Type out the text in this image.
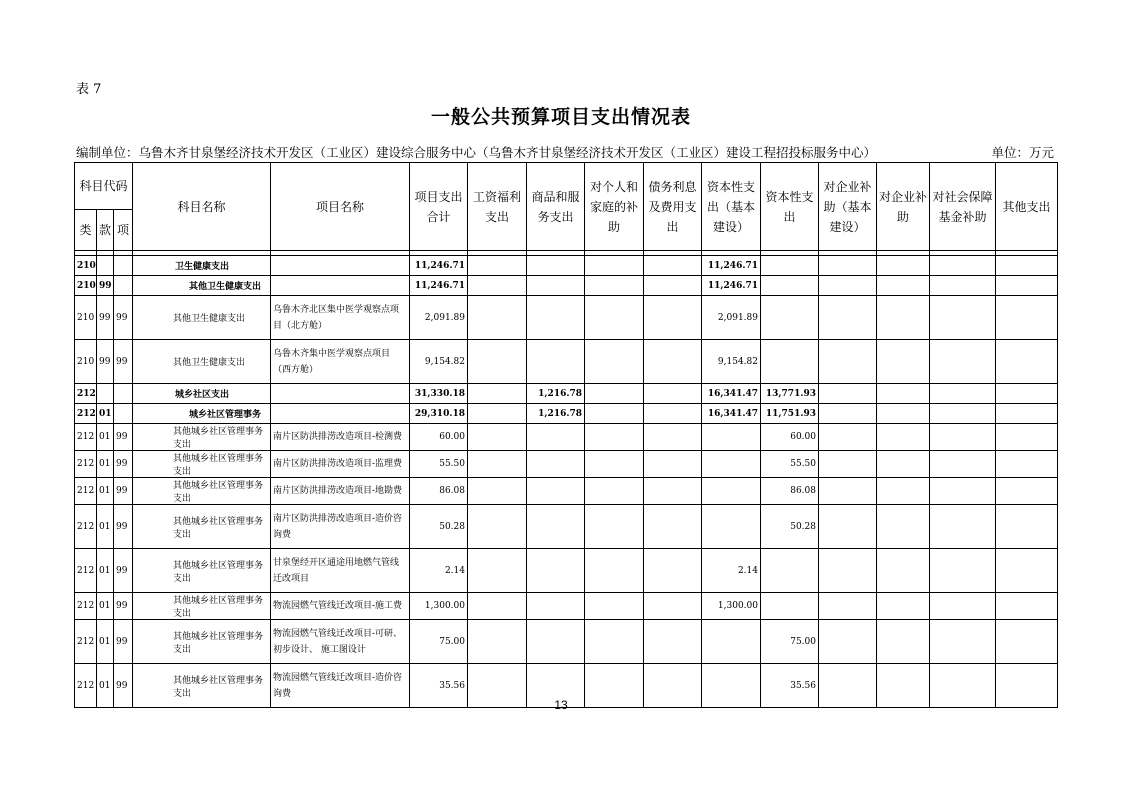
表 7
一般公共预算项目支出情况表
编制单位：乌鲁木齐甘泉堡经济技术开发区（工业区）建设综合服务中心（乌鲁木齐甘泉堡经济技术开发区（工业区）建设工程招投标服务中心）	单位：万元
科目代码			科目名称	项目名称	项目支出合计	工资福利支出	商品和服务支出	对个人和家庭的补助	债务利息及费用支出	资本性支出（基本建设）	资本性支出	对企业补助（基本建设）	对企业补助	对社会保障基金补助	其他支出
类	款	项													

210			卫生健康支出		11,246.71					11,246.71					
210	99		其他卫生健康支出		11,246.71					11,246.71					
210	99	99	其他卫生健康支出	乌鲁木齐北区集中医学观察点项目（北方舱）	2,091.89					2,091.89					
210	99	99	其他卫生健康支出	乌鲁木齐集中医学观察点项目（西方舱）	9,154.82					9,154.82					
212			城乡社区支出		31,330.18		1,216.78			16,341.47	13,771.93				
212	01		城乡社区管理事务		29,310.18		1,216.78			16,341.47	11,751.93				
212	01	99	其他城乡社区管理事务支出	南片区防洪排涝改造项目-检测费	60.00						60.00				
212	01	99	其他城乡社区管理事务支出	南片区防洪排涝改造项目-监理费	55.50						55.50				
212	01	99	其他城乡社区管理事务支出	南片区防洪排涝改造项目-地勘费	86.08						86.08				
212	01	99	其他城乡社区管理事务支出	南片区防洪排涝改造项目-造价咨询费	50.28						50.28				
212	01	99	其他城乡社区管理事务支出	甘泉堡经开区通途用地燃气管线迁改项目	2.14					2.14					
212	01	99	其他城乡社区管理事务支出	物流园燃气管线迁改项目-施工费	1,300.00					1,300.00					
212	01	99	其他城乡社区管理事务支出	物流园燃气管线迁改项目-可研、初步设计、 施工图设计	75.00						75.00				
212	01	99	其他城乡社区管理事务支出	物流园燃气管线迁改项目-造价咨询费	35.56						35.56				
13
